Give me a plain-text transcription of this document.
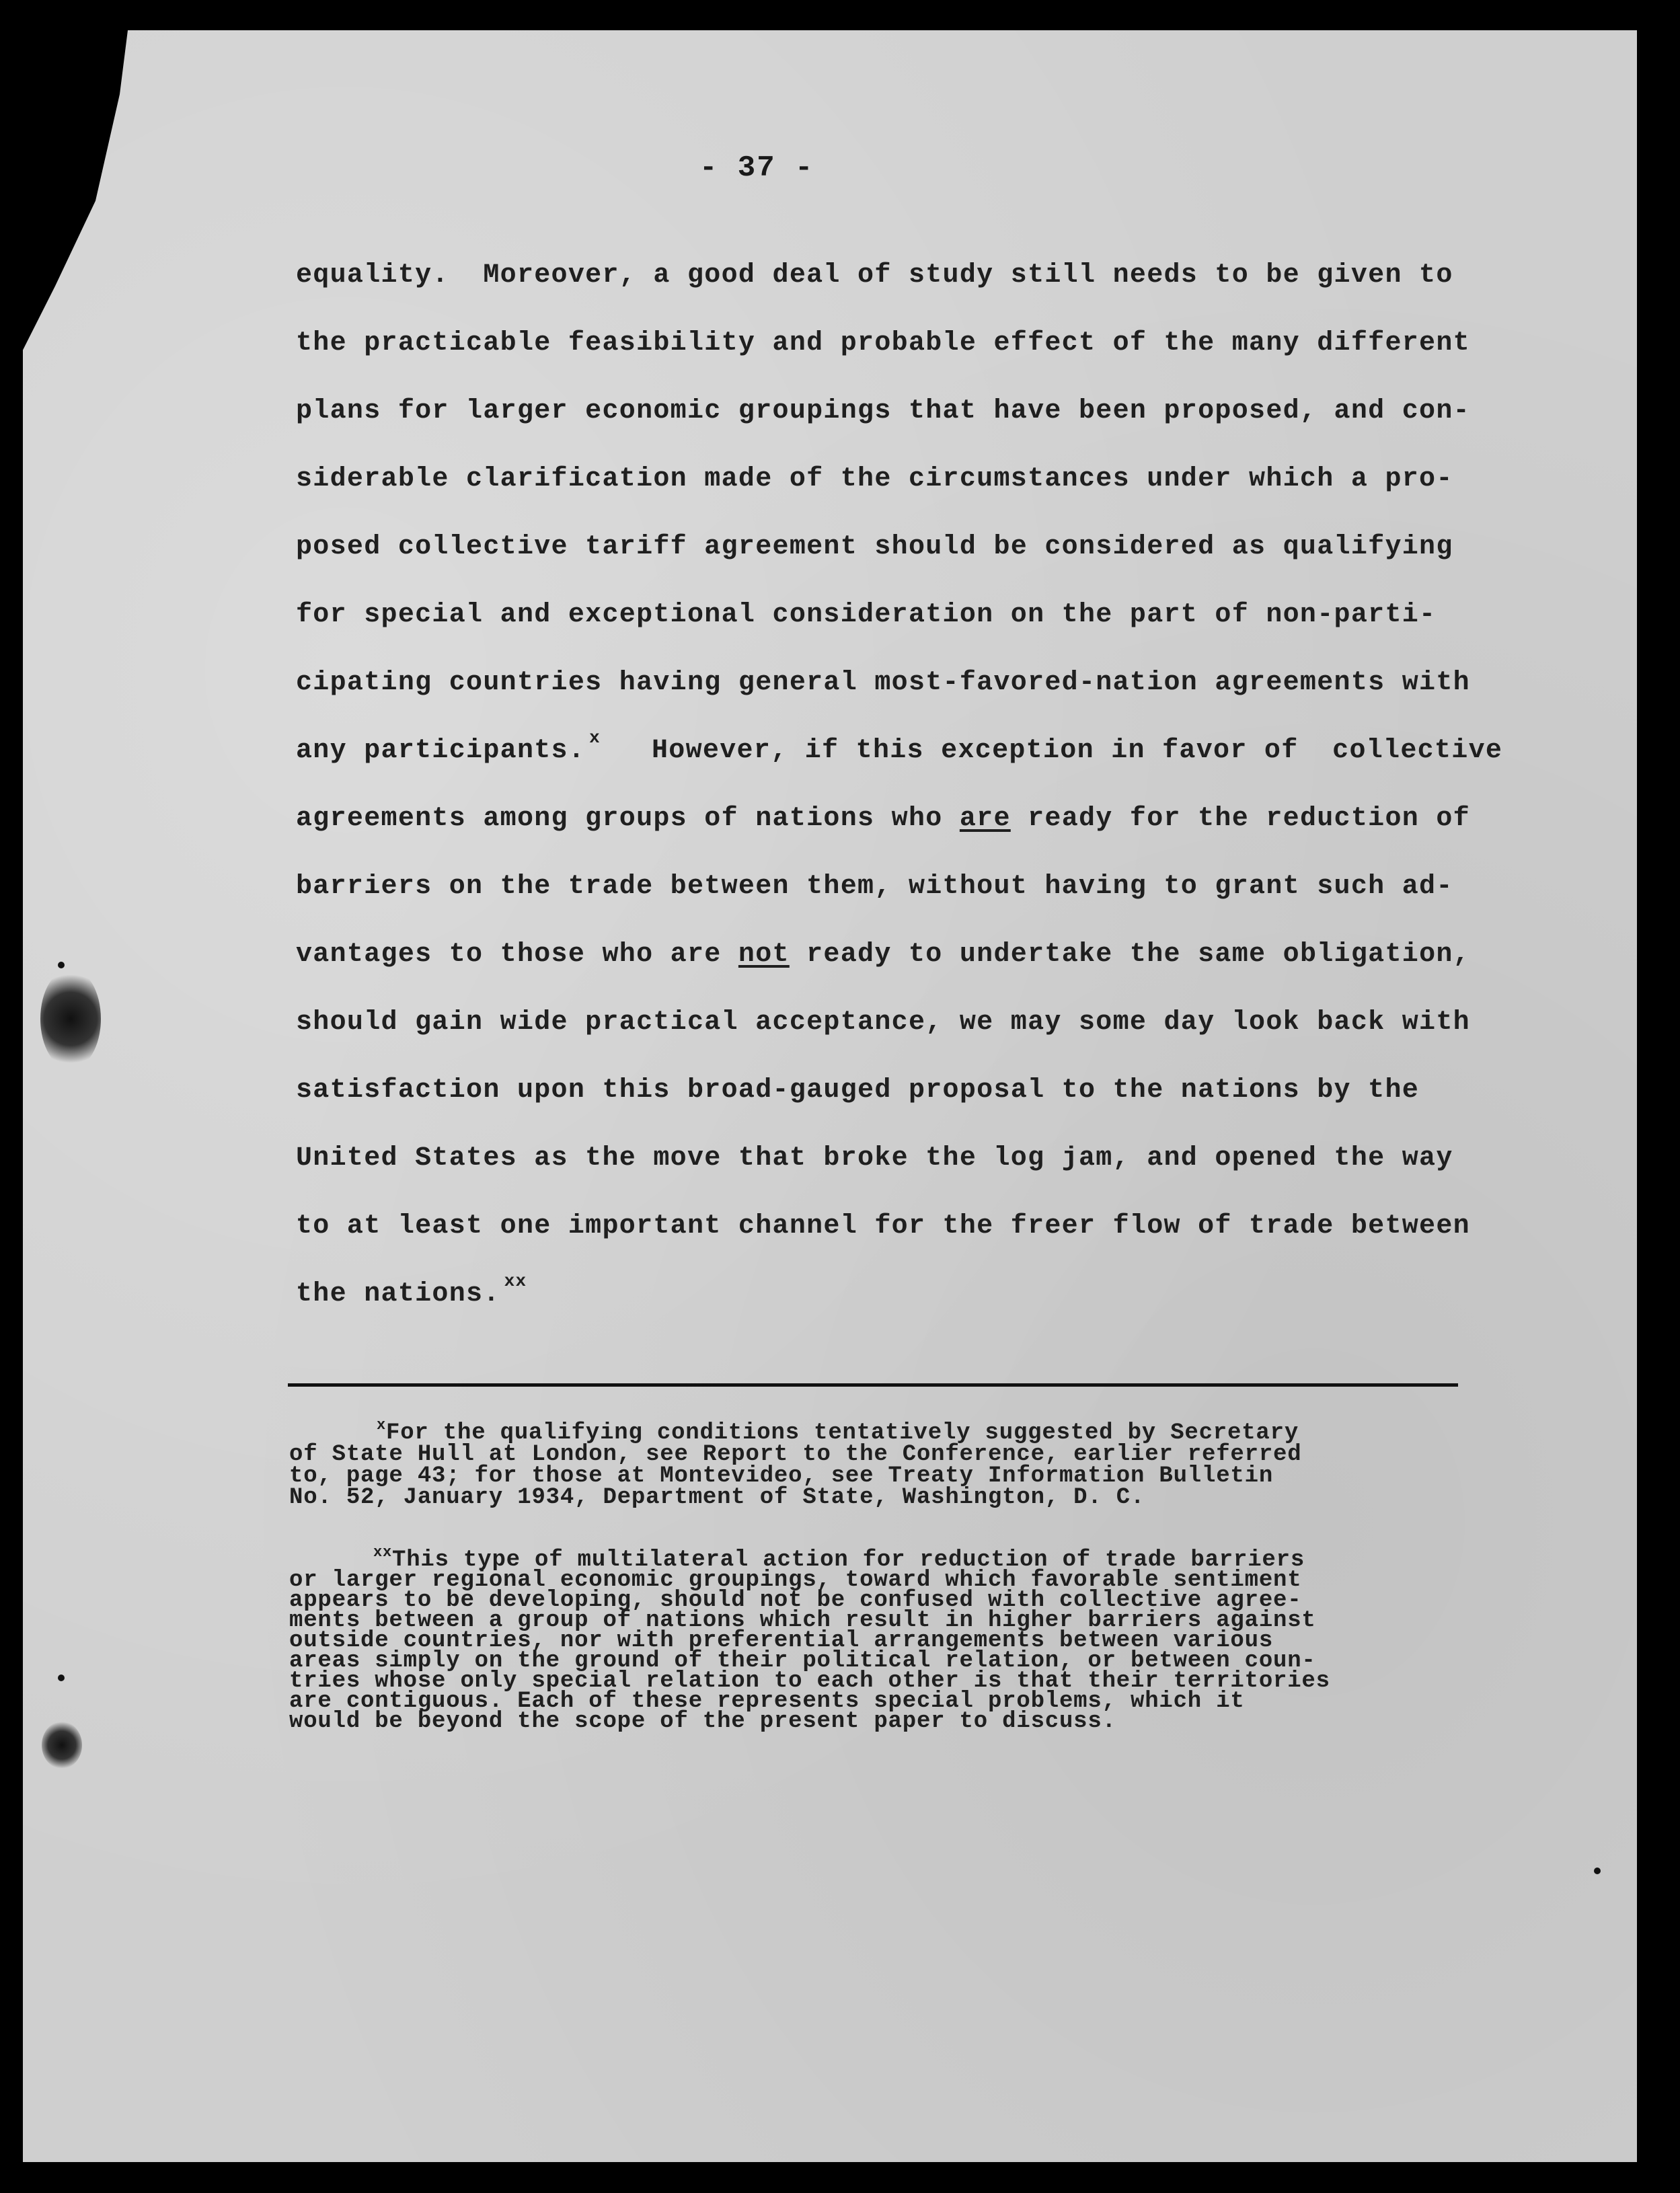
- 37 -
equality.  Moreover, a good deal of study still needs to be given to
the practicable feasibility and probable effect of the many different
plans for larger economic groupings that have been proposed, and con-
siderable clarification made of the circumstances under which a pro-
posed collective tariff agreement should be considered as qualifying
for special and exceptional consideration on the part of non-parti-
cipating countries having general most-favored-nation agreements with
any participants. $^x$   However, if this exception in favor of  collective
agreements among groups of nations who are ready for the reduction of
barriers on the trade between them, without having to grant such ad-
vantages to those who are not ready to undertake the same obligation,
should gain wide practical acceptance, we may some day look back with
satisfaction upon this broad-gauged proposal to the nations by the
United States as the move that broke the log jam, and opened the way
to at least one important channel for the freer flow of trade between
the nations. $^{xx}$
$^x$For the qualifying conditions tentatively suggested by Secretary
of State Hull at London, see Report to the Conference, earlier referred
to, page 43; for those at Montevideo, see Treaty Information Bulletin
No. 52, January 1934, Department of State, Washington, D. C.
$^{xx}$This type of multilateral action for reduction of trade barriers
or larger regional economic groupings, toward which favorable sentiment
appears to be developing, should not be confused with collective agree-
ments between a group of nations which result in higher barriers against
outside countries, nor with preferential arrangements between various
areas simply on the ground of their political relation, or between coun-
tries whose only special relation to each other is that their territories
are contiguous. Each of these represents special problems, which it
would be beyond the scope of the present paper to discuss.
